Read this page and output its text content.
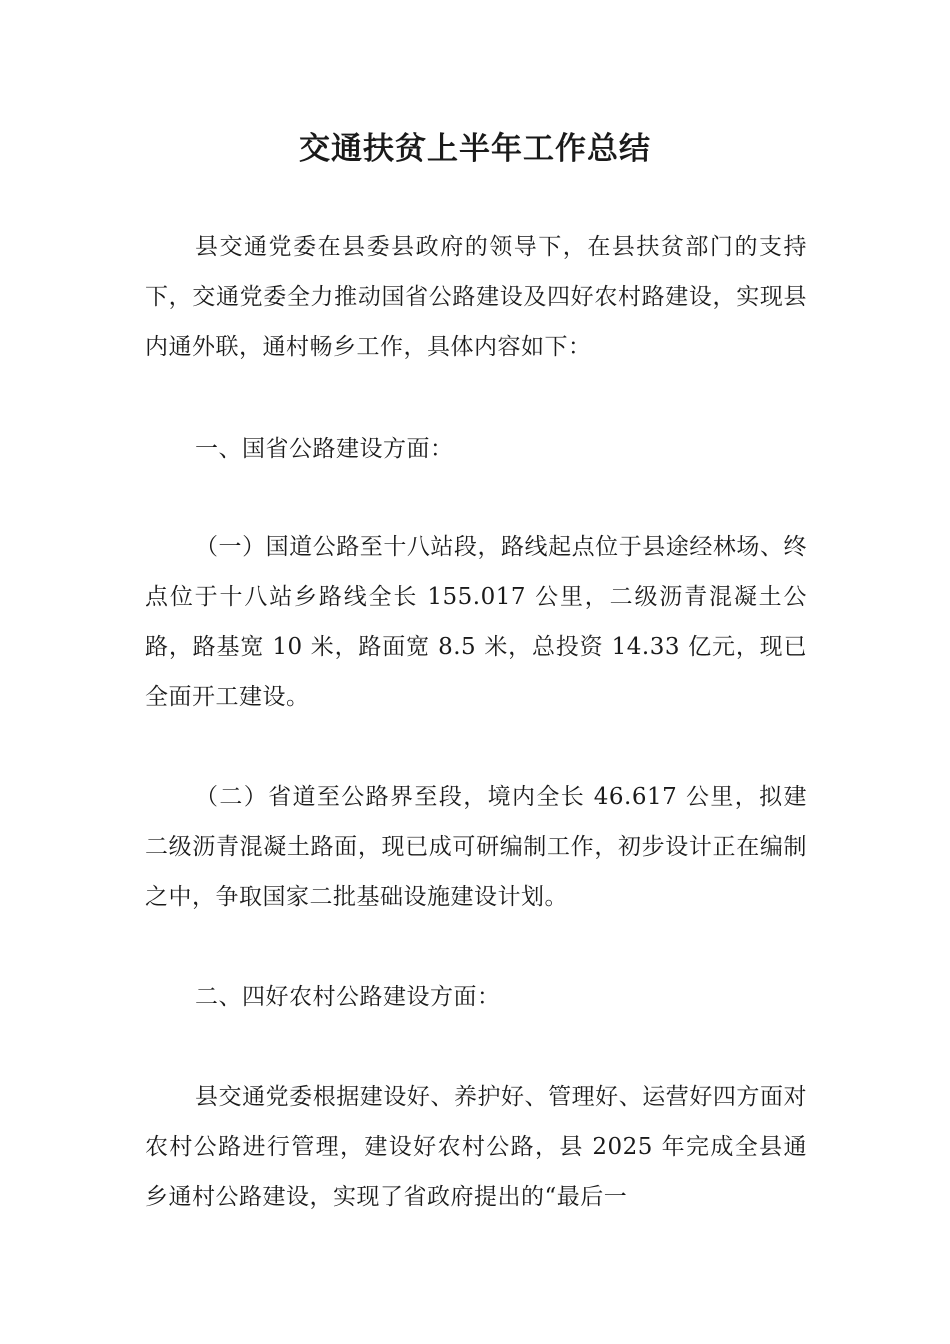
交通扶贫上半年工作总结

县交通党委在县委县政府的领导下，在县扶贫部门的支持下，交通党委全力推动国省公路建设及四好农村路建设，实现县内通外联，通村畅乡工作，具体内容如下：

一、国省公路建设方面：

（一）国道公路至十八站段，路线起点位于县途经林场、终点位于十八站乡路线全长 155.017 公里，二级沥青混凝土公路，路基宽 10 米，路面宽 8.5 米，总投资 14.33 亿元，现已全面开工建设。

（二）省道至公路界至段，境内全长 46.617 公里，拟建二级沥青混凝土路面，现已成可研编制工作，初步设计正在编制之中，争取国家二批基础设施建设计划。

二、四好农村公路建设方面：

县交通党委根据建设好、养护好、管理好、运营好四方面对农村公路进行管理，建设好农村公路，县 2025 年完成全县通乡通村公路建设，实现了省政府提出的“最后一
